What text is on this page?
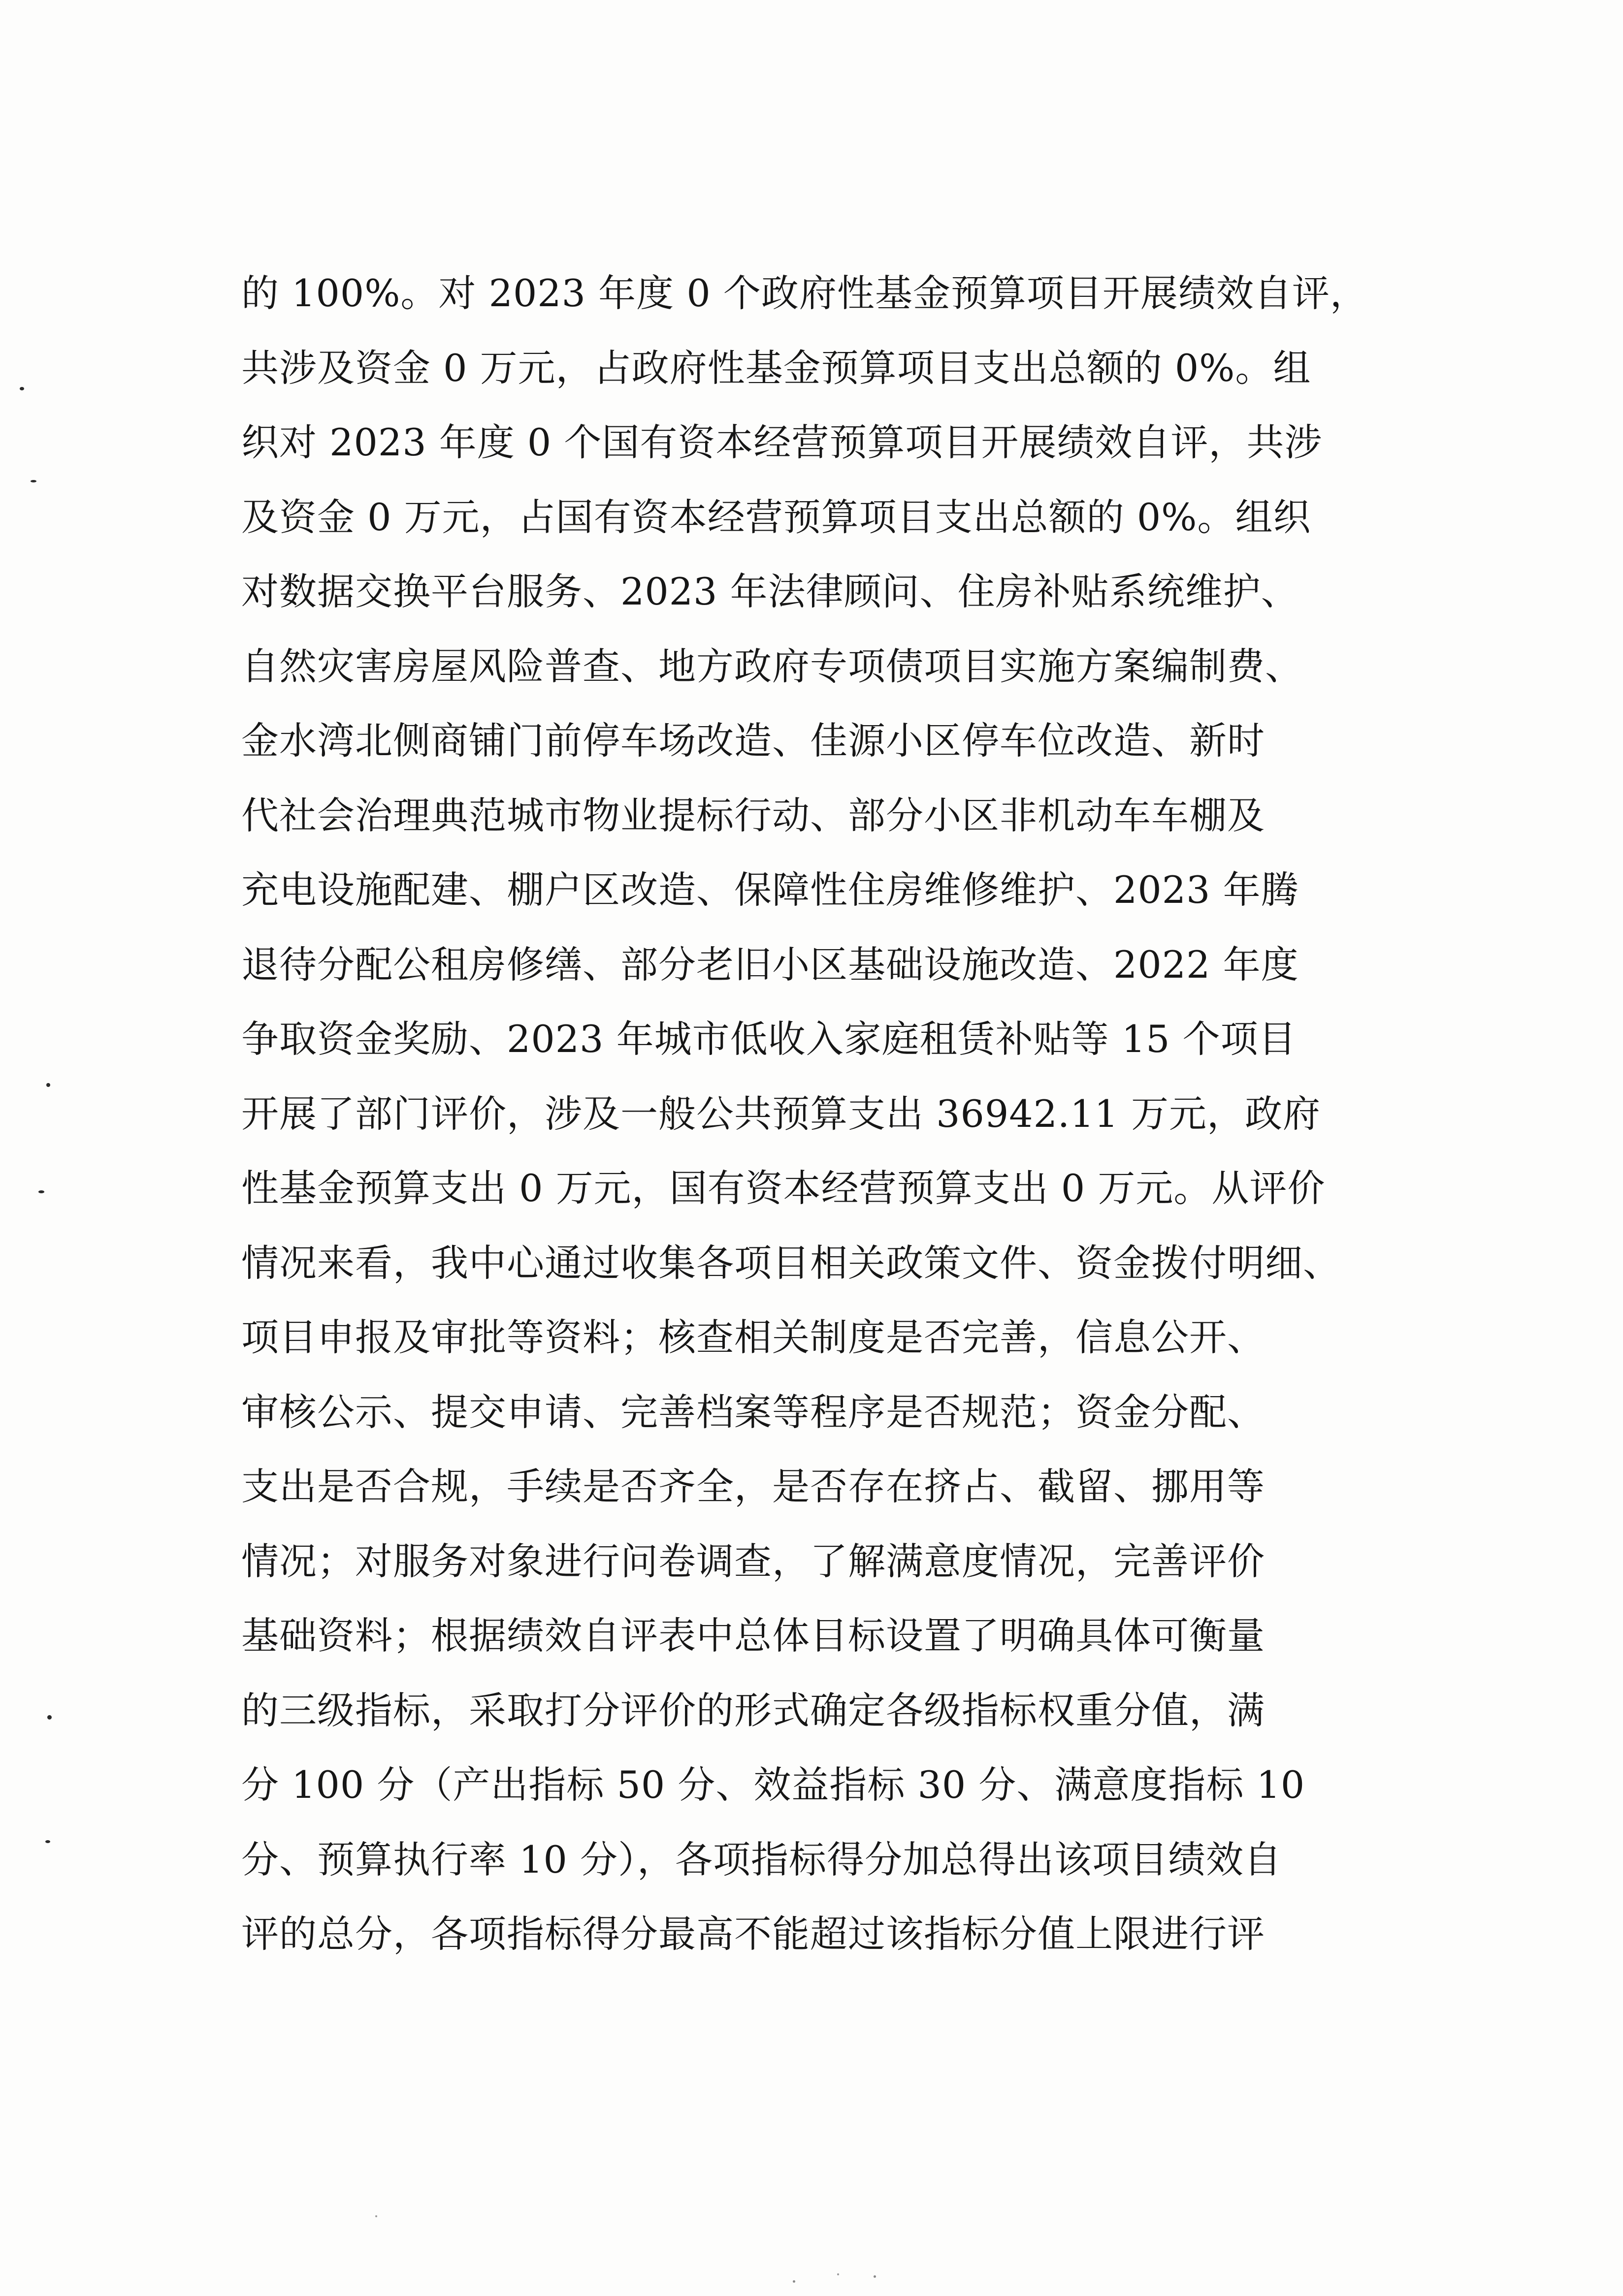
的 100%。对 2023 年度 0 个政府性基金预算项目开展绩效自评，
共涉及资金 0 万元，占政府性基金预算项目支出总额的 0%。组
织对 2023 年度 0 个国有资本经营预算项目开展绩效自评，共涉
及资金 0 万元，占国有资本经营预算项目支出总额的 0%。组织
对数据交换平台服务、2023 年法律顾问、住房补贴系统维护、
自然灾害房屋风险普查、地方政府专项债项目实施方案编制费、
金水湾北侧商铺门前停车场改造、佳源小区停车位改造、新时
代社会治理典范城市物业提标行动、部分小区非机动车车棚及
充电设施配建、棚户区改造、保障性住房维修维护、2023 年腾
退待分配公租房修缮、部分老旧小区基础设施改造、2022 年度
争取资金奖励、2023 年城市低收入家庭租赁补贴等 15 个项目
开展了部门评价，涉及一般公共预算支出 36942.11 万元，政府
性基金预算支出 0 万元，国有资本经营预算支出 0 万元。从评价
情况来看，我中心通过收集各项目相关政策文件、资金拨付明细、
项目申报及审批等资料；核查相关制度是否完善，信息公开、
审核公示、提交申请、完善档案等程序是否规范；资金分配、
支出是否合规，手续是否齐全，是否存在挤占、截留、挪用等
情况；对服务对象进行问卷调查，了解满意度情况，完善评价
基础资料；根据绩效自评表中总体目标设置了明确具体可衡量
的三级指标，采取打分评价的形式确定各级指标权重分值，满
分 100 分（产出指标 50 分、效益指标 30 分、满意度指标 10
分、预算执行率 10 分），各项指标得分加总得出该项目绩效自
评的总分，各项指标得分最高不能超过该指标分值上限进行评
